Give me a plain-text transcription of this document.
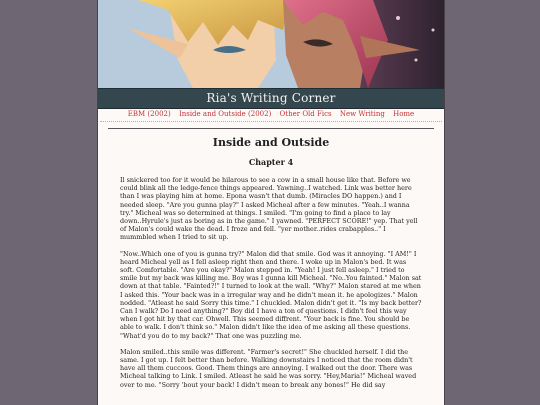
Ria's Writing Corner
EBM (2002) Inside and Outside (2002) Other Old Fics New Writing Home
Inside and Outside
Chapter 4

Il snickered too for it would be hilarous to see a cow in a small house like that. Before we could blink all the ledge-fence things appeared. Yawning..I watched. Link was better here than I was playing him at home. Epona wasn't that dumb. (Miracles DO happen.) and I needed sleep. "Are you gunna play?" I asked Micheal after a few minutes. "Yeah..I wanna try." Micheal was so determined at things. I smiled. "I'm going to find a place to lay down..Hyrule's just as boring as in the game." I yawned. "PERFECT SCORE!" yep. That yell of Malon's could wake the dead. I froze and fell. "yer mother..rides crabapples.." I mummbled when I tried to sit up.

"Now..Which one of you is gunna try?" Malon did that smile. God was it annoying. "I AM!" I heard Micheal yell as I fell asleep right then and there. I woke up in Malon's bed. It was soft. Comfortable. "Are you okay?" Malon stepped in. "Yeah! I just fell asleep." I tried to smile but my back was killing me. Boy was I gunna kill Micheal. "No..You fainted." Malon sat down at that table. "Fainted?!" I turned to look at the wall. "Why?" Malon stared at me when I asked this. "Your back was in a irregular way and he didn't mean it. he apologizes." Malon nodded. "Atleast he said Sorry this time." I chuckled. Malon didn't get it. "Is my back better? Can I walk? Do I need anything?" Boy did I have a ton of questions. I didn't feel this way when I got hit by that car. Ohwell. This seemed diffrent. "Your back is fine. You should be able to walk. I don't think so." Malon didn't like the idea of me asking all these questions. "What'd you do to my back?" That one was puzzling me.

Malon smiled..this smile was different. "Farmer's secret!" She chuckled herself. I did the same. I got up. I felt better than before. Walking downstairs I noticed that the room didn't have all them cuccoos. Good. Them things are annoying. I walked out the door. There was Micheal talking to Link. I smiled. Atleast he said he was sorry. "Hey,Maria!" Micheal waved over to me. "Sorry 'bout your back! I didn't mean to break any bones!" He did say
